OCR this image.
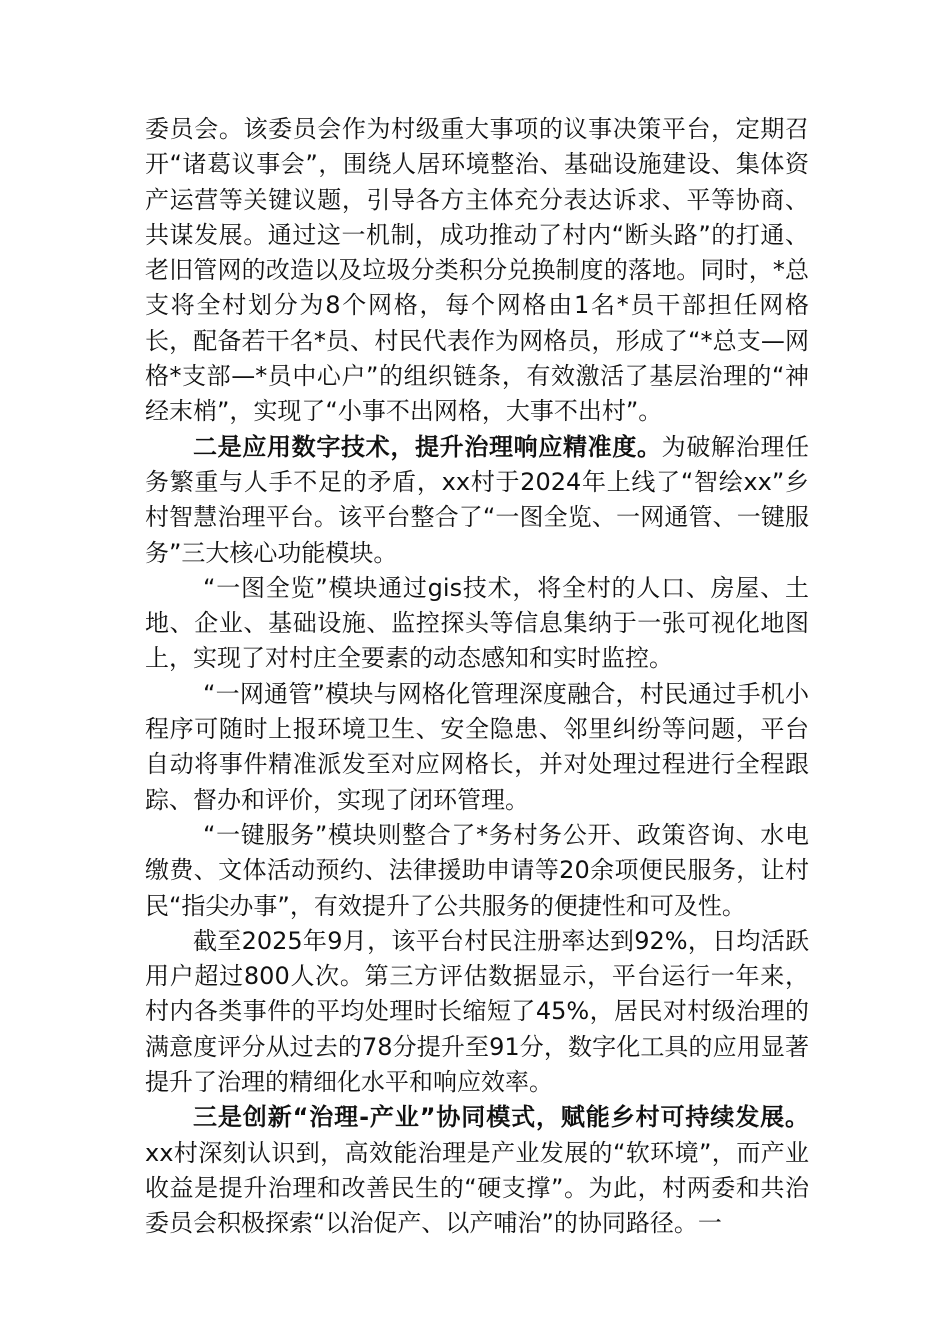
委员会。该委员会作为村级重大事项的议事决策平台，定期召开“诸葛议事会”，围绕人居环境整治、基础设施建设、集体资产运营等关键议题，引导各方主体充分表达诉求、平等协商、共谋发展。通过这一机制，成功推动了村内“断头路”的打通、老旧管网的改造以及垃圾分类积分兑换制度的落地。同时，*总支将全村划分为8个网格，每个网格由1名*员干部担任网格长，配备若干名*员、村民代表作为网格员，形成了“*总支—网格*支部—*员中心户”的组织链条，有效激活了基层治理的“神经末梢”，实现了“小事不出网格，大事不出村”。

二是应用数字技术，提升治理响应精准度。为破解治理任务繁重与人手不足的矛盾，xx村于2024年上线了“智绘xx”乡村智慧治理平台。该平台整合了“一图全览、一网通管、一键服务”三大核心功能模块。

“一图全览”模块通过gis技术，将全村的人口、房屋、土地、企业、基础设施、监控探头等信息集纳于一张可视化地图上，实现了对村庄全要素的动态感知和实时监控。

“一网通管”模块与网格化管理深度融合，村民通过手机小程序可随时上报环境卫生、安全隐患、邻里纠纷等问题，平台自动将事件精准派发至对应网格长，并对处理过程进行全程跟踪、督办和评价，实现了闭环管理。

“一键服务”模块则整合了*务村务公开、政策咨询、水电缴费、文体活动预约、法律援助申请等20余项便民服务，让村民“指尖办事”，有效提升了公共服务的便捷性和可及性。

截至2025年9月，该平台村民注册率达到92%，日均活跃用户超过800人次。第三方评估数据显示，平台运行一年来，村内各类事件的平均处理时长缩短了45%，居民对村级治理的满意度评分从过去的78分提升至91分，数字化工具的应用显著提升了治理的精细化水平和响应效率。

三是创新“治理-产业”协同模式，赋能乡村可持续发展。xx村深刻认识到，高效能治理是产业发展的“软环境”，而产业收益是提升治理和改善民生的“硬支撑”。为此，村两委和共治委员会积极探索“以治促产、以产哺治”的协同路径。一
